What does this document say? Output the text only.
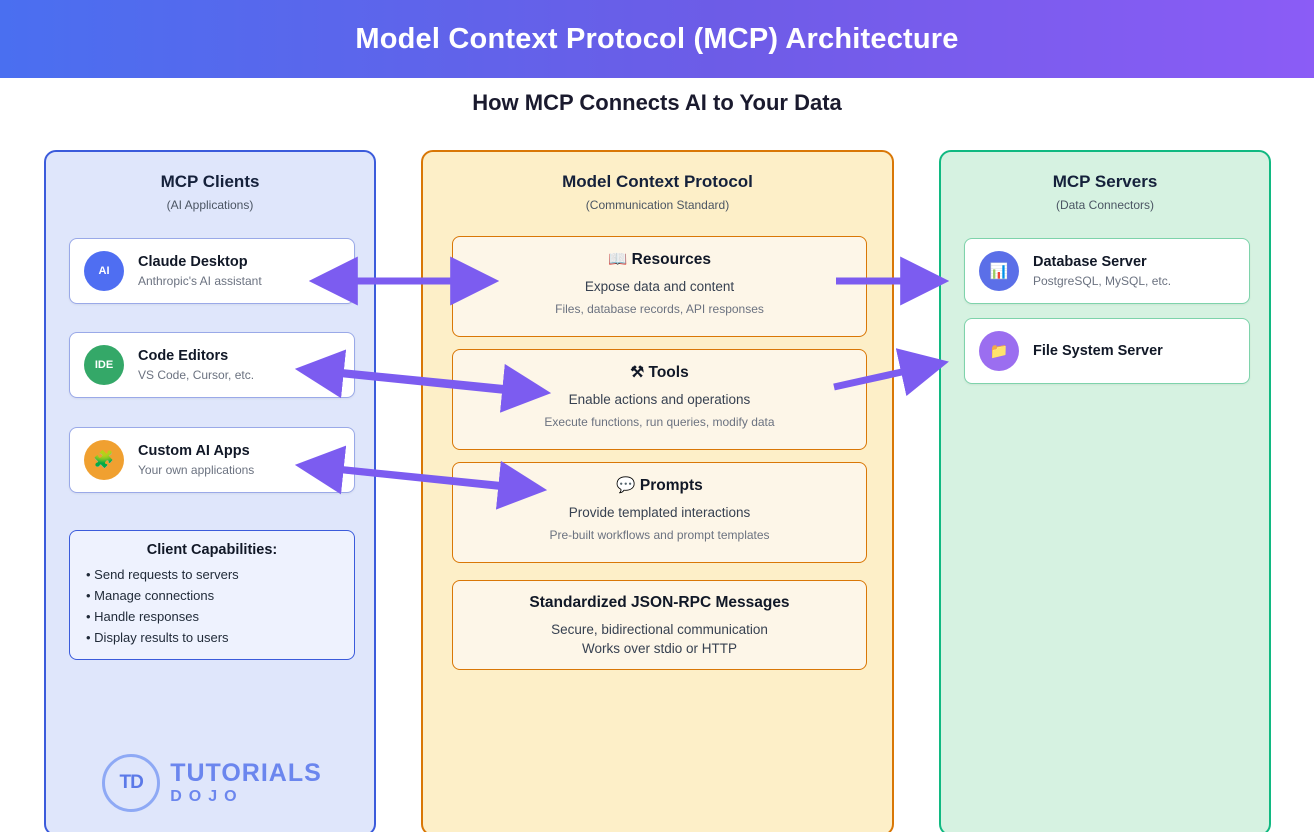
Model Context Protocol (MCP) Architecture
How MCP Connects AI to Your Data
MCP Clients
(AI Applications)
AI
Claude Desktop
Anthropic's AI assistant
IDE
Code Editors
VS Code, Cursor, etc.
🧩	Custom AI Apps
Your own applications
Client Capabilities:
• Send requests to servers
• Manage connections
• Handle responses
• Display results to users
TD	TUTORIALS
DOJO
Model Context Protocol
(Communication Standard)
📖 Resources
Expose data and content
Files, database records, API responses
⚒ Tools
Enable actions and operations
Execute functions, run queries, modify data
💬 Prompts
Provide templated interactions
Pre-built workflows and prompt templates
Standardized JSON-RPC Messages
Secure, bidirectional communication
Works over stdio or HTTP
MCP Servers
(Data Connectors)
📊
Database Server
PostgreSQL, MySQL, etc.
📁	File System Server
